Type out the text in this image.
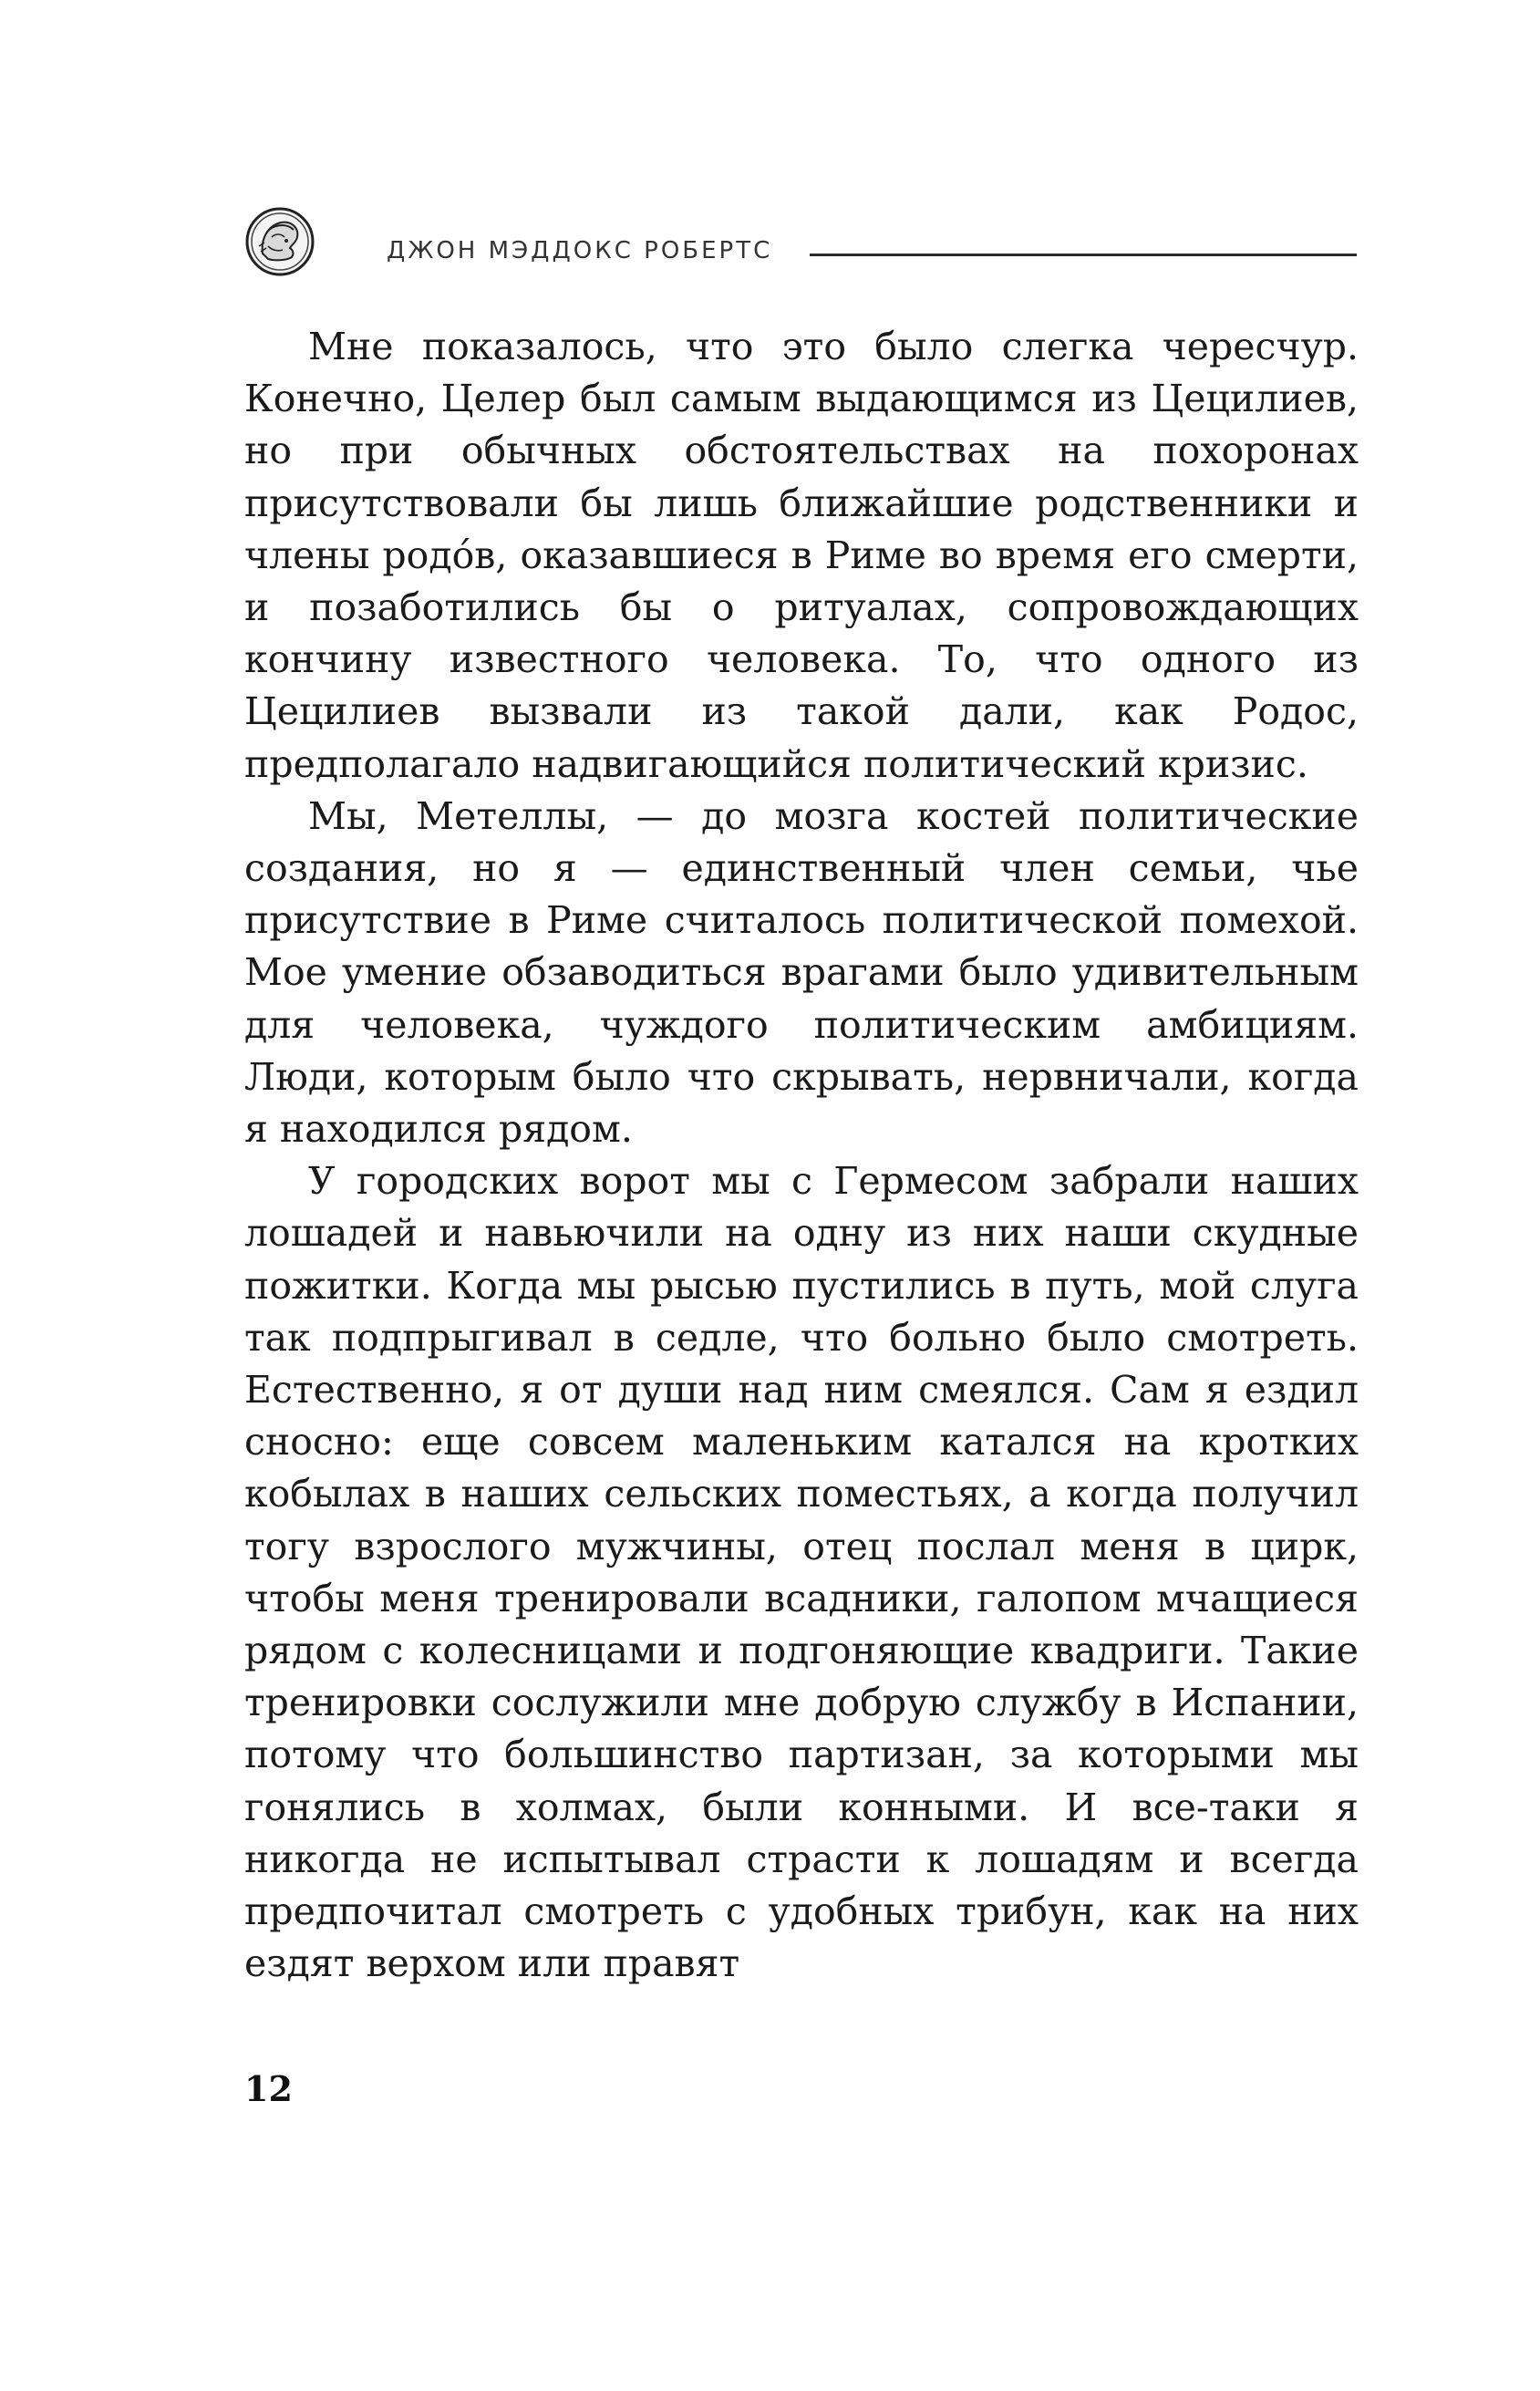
ДЖОН МЭДДОКС РОБЕРТС

Мне показалось, что это было слегка чересчур. Конечно, Целер был самым выдающимся из Цецилиев, но при обычных обстоятельствах на похоронах присутствовали бы лишь ближайшие родственники и члены родóв, оказавшиеся в Риме во время его смерти, и позаботились бы о ритуалах, сопровождающих кончину известного человека. То, что одного из Цецилиев вызвали из такой дали, как Родос, предполагало надвигающийся политический кризис.

Мы, Метеллы, — до мозга костей политические создания, но я — единственный член семьи, чье присутствие в Риме считалось политической помехой. Мое умение обзаводиться врагами было удивительным для человека, чуждого политическим амбициям. Люди, которым было что скрывать, нервничали, когда я находился рядом.

У городских ворот мы с Гермесом забрали наших лошадей и навьючили на одну из них наши скудные пожитки. Когда мы рысью пустились в путь, мой слуга так подпрыгивал в седле, что больно было смотреть. Естественно, я от души над ним смеялся. Сам я ездил сносно: еще совсем маленьким катался на кротких кобылах в наших сельских поместьях, а когда получил тогу взрослого мужчины, отец послал меня в цирк, чтобы меня тренировали всадники, галопом мчащиеся рядом с колесницами и подгоняющие квадриги. Такие тренировки сослужили мне добрую службу в Испании, потому что большинство партизан, за которыми мы гонялись в холмах, были конными. И все-таки я никогда не испытывал страсти к лошадям и всегда предпочитал смотреть с удобных трибун, как на них ездят верхом или правят

12
